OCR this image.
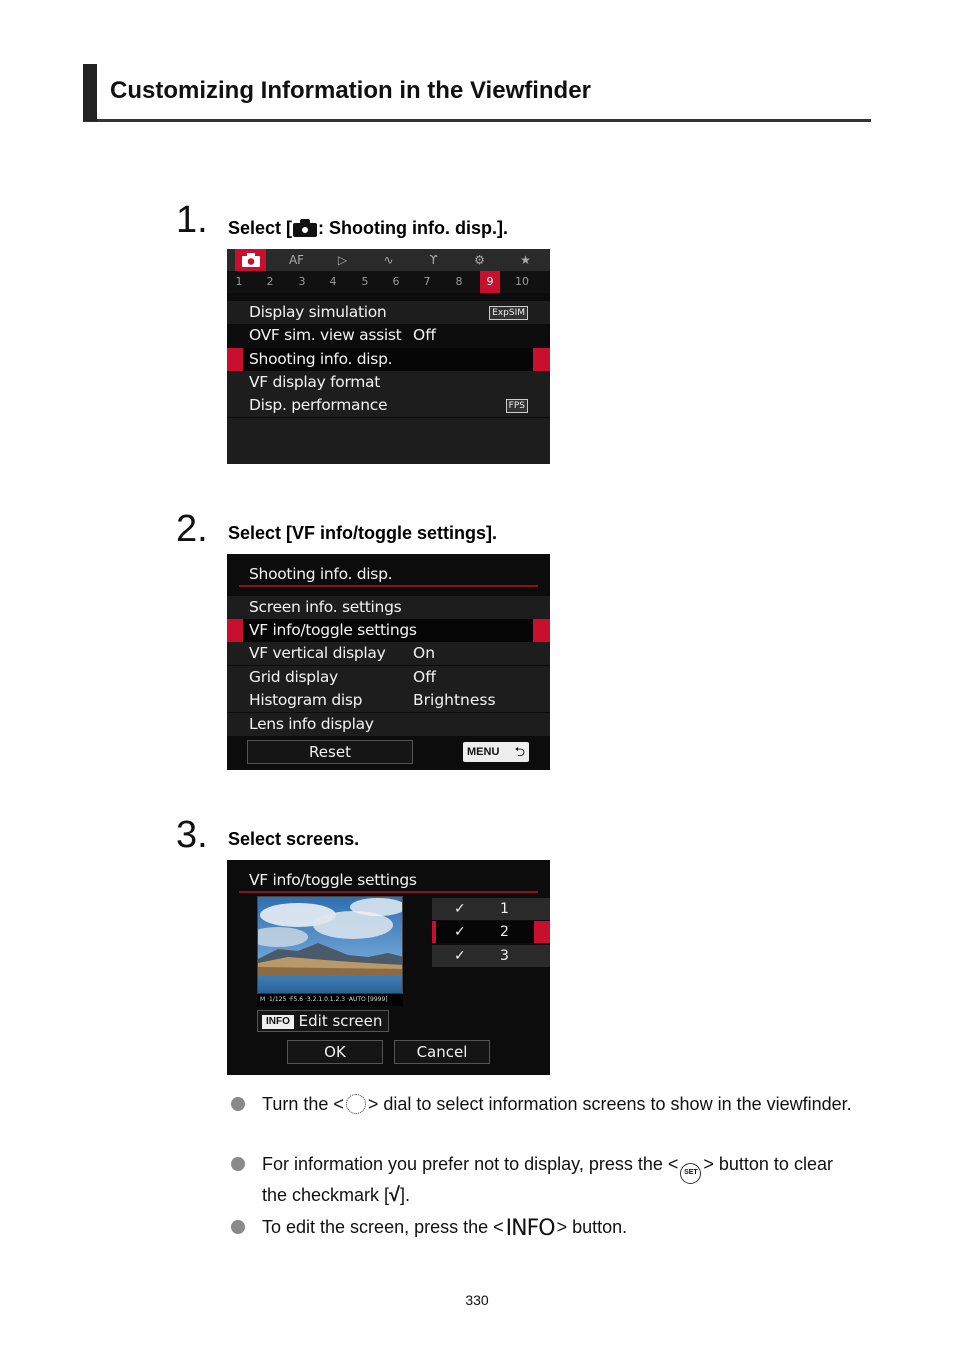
Customizing Information in the Viewfinder
1. Select [ : Shooting info. disp.].
AF	▷	∿	ϒ	⚙	★
1	2	3	4	5	6	7	8	9	10
Display simulation	ExpSIM
OVF sim. view assist Off
Shooting info. disp.
VF display format
Disp. performance	FPS
2. Select [VF info/toggle settings].
Shooting info. disp.
Screen info. settings
VF info/toggle settings
VF vertical display On
Grid display	Off
Histogram disp	Brightness
Lens info display
Reset	MENU ⮌
3. Select screens.
VF info/toggle settings
M ·1/125 ·F5.6 ·3.2.1.0.1.2.3 ·AUTO [9999]
✓ 1
✓ 2
✓ 3
INFO Edit screen
OK	Cancel
Turn the < > dial to select information screens to show in the viewfinder.
For information you prefer not to display, press the < SET > button to clear the checkmark [√].
To edit the screen, press the <INFO > button.
330
